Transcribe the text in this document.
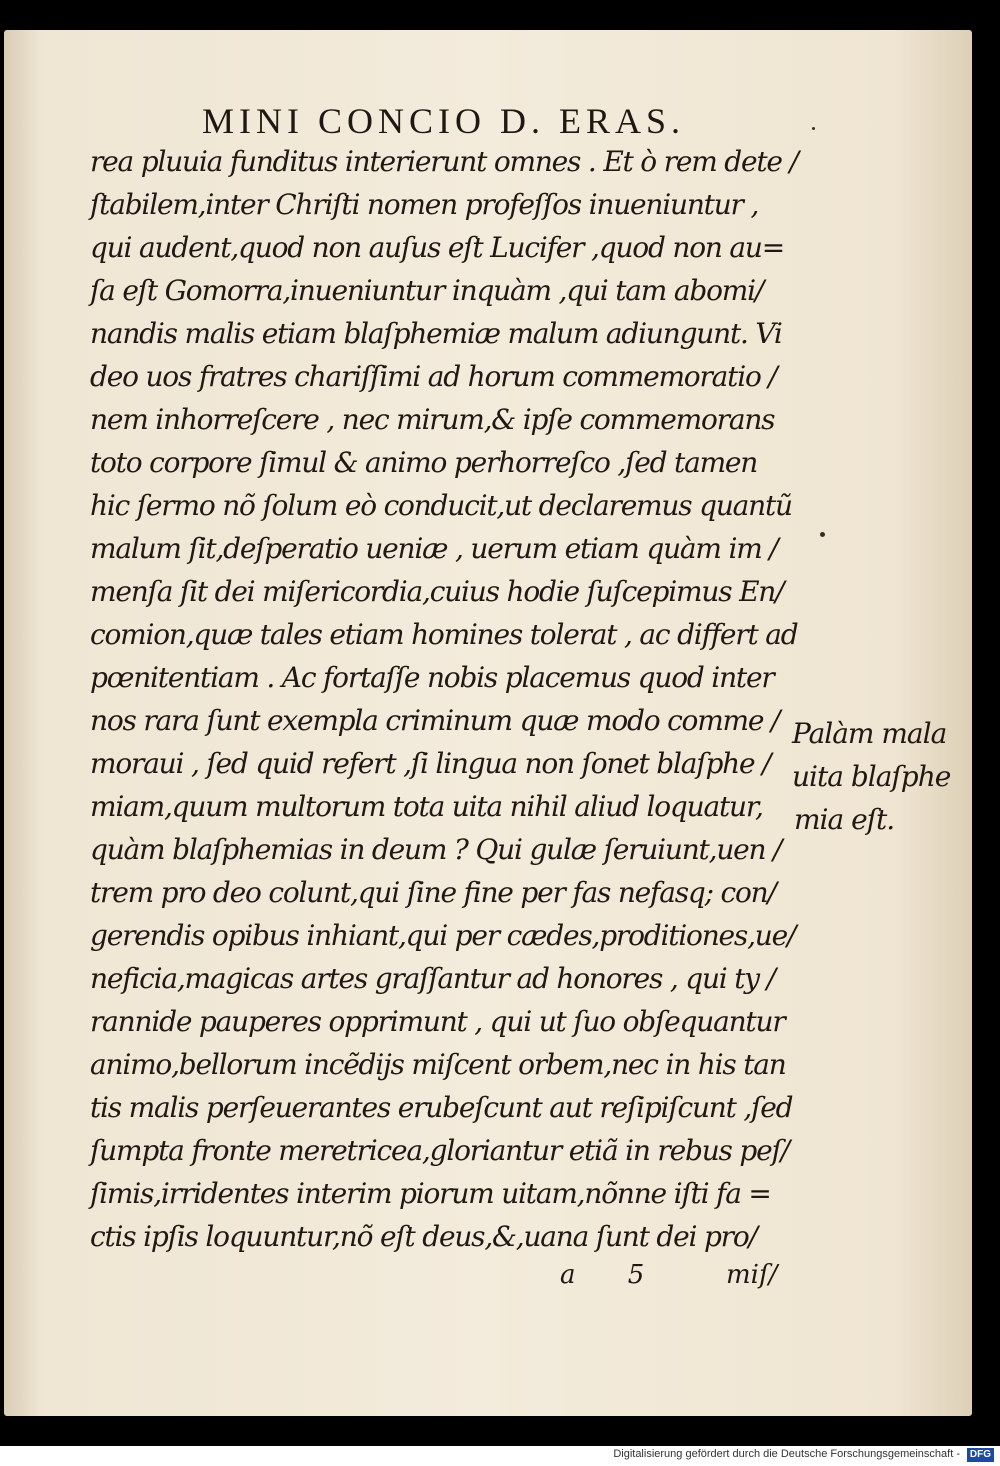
MINI CONCIO D. ERAS.
rea pluuia funditus interierunt omnes . Et ò rem dete /
ſtabilem,inter Chriſti nomen profeſſos inueniuntur ,
qui audent,quod non auſus eſt Lucifer ,quod non au=
ſa eſt Gomorra,inueniuntur inquàm ,qui tam abomi/
nandis malis etiam blaſphemiæ malum adiungunt. Vi
deo uos fratres chariſſimi ad horum commemoratio /
nem inhorreſcere , nec mirum,& ipſe commemorans
toto corpore ſimul & animo perhorreſco ,ſed tamen
hic ſermo nõ ſolum eò conducit,ut declaremus quantũ
malum ſit,deſperatio ueniæ , uerum etiam quàm im /
menſa ſit dei miſericordia,cuius hodie ſuſcepimus En/
comion,quæ tales etiam homines tolerat , ac differt ad
pœnitentiam . Ac fortaſſe nobis placemus quod inter
nos rara ſunt exempla criminum quæ modo comme /
moraui , ſed quid refert ,ſi lingua non ſonet blaſphe /
miam,quum multorum tota uita nihil aliud loquatur,
quàm blaſphemias in deum ? Qui gulæ ſeruiunt,uen /
trem pro deo colunt,qui ſine fine per fas nefasq; con/
gerendis opibus inhiant,qui per cædes,proditiones,ue/
neficia,magicas artes graſſantur ad honores , qui ty /
rannide pauperes opprimunt , qui ut ſuo obſequantur
animo,bellorum incẽdijs miſcent orbem,nec in his tan
tis malis perſeuerantes erubeſcunt aut reſipiſcunt ,ſed
ſumpta fronte meretricea,gloriantur etiã in rebus peſ/
ſimis,irridentes interim piorum uitam,nõnne iſti fa =
ctis ipſis loquuntur,nõ eſt deus,&,uana ſunt dei pro/
Palàm mala
uita blaſphe
mia eſt.
a 5 miſ/
Digitalisierung gefördert durch die Deutsche Forschungsgemeinschaft - DFG
